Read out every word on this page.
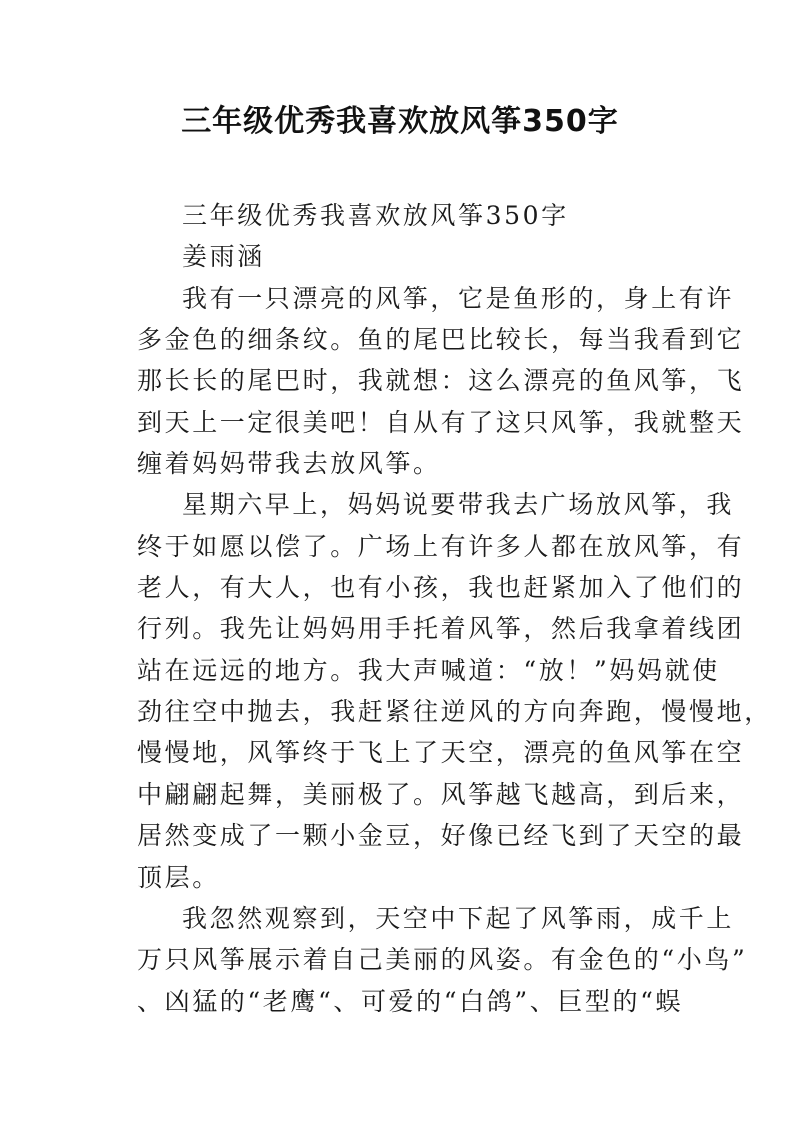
三年级优秀我喜欢放风筝350字
三年级优秀我喜欢放风筝350字
姜雨涵
我有一只漂亮的风筝，它是鱼形的，身上有许
多金色的细条纹。鱼的尾巴比较长，每当我看到它
那长长的尾巴时，我就想：这么漂亮的鱼风筝，飞
到天上一定很美吧！自从有了这只风筝，我就整天
缠着妈妈带我去放风筝。
星期六早上，妈妈说要带我去广场放风筝，我
终于如愿以偿了。广场上有许多人都在放风筝，有
老人，有大人，也有小孩，我也赶紧加入了他们的
行列。我先让妈妈用手托着风筝，然后我拿着线团
站在远远的地方。我大声喊道：“放！”妈妈就使
劲往空中抛去，我赶紧往逆风的方向奔跑，慢慢地，
慢慢地，风筝终于飞上了天空，漂亮的鱼风筝在空
中翩翩起舞，美丽极了。风筝越飞越高，到后来，
居然变成了一颗小金豆，好像已经飞到了天空的最
顶层。
我忽然观察到，天空中下起了风筝雨，成千上
万只风筝展示着自己美丽的风姿。有金色的“小鸟”
、凶猛的“老鹰“、可爱的“白鸽”、巨型的“蜈
